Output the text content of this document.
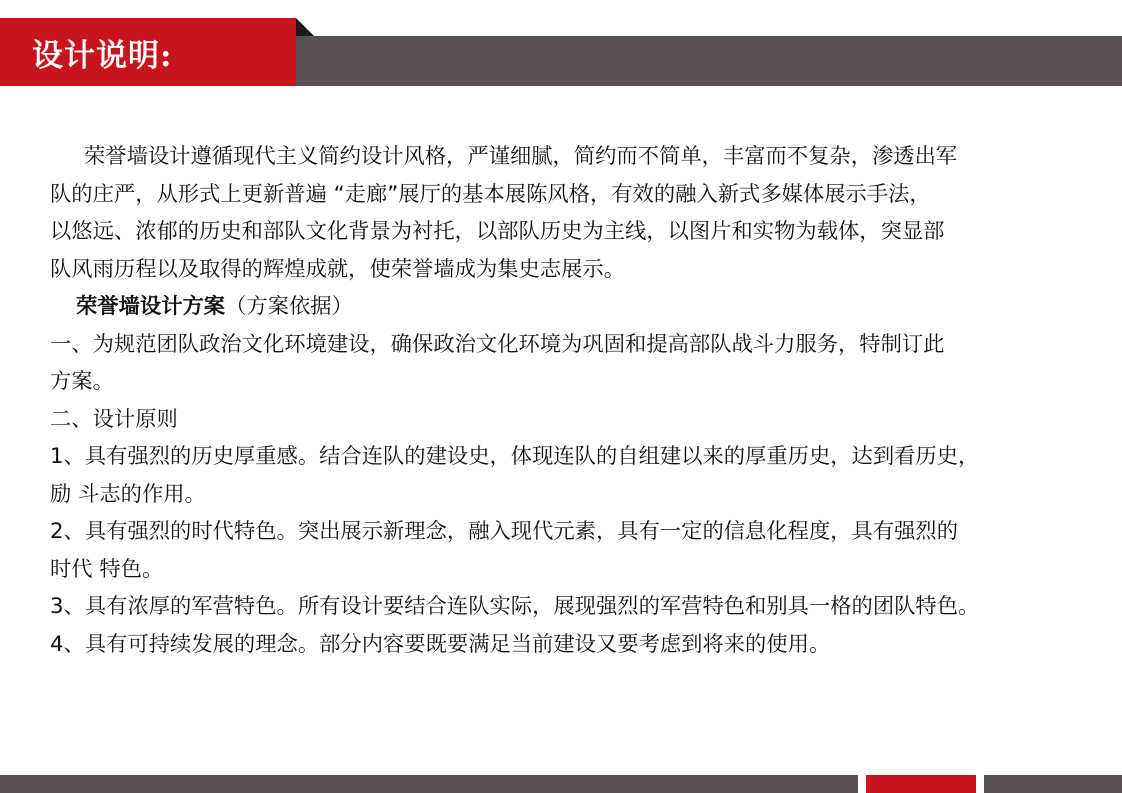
设计说明:

荣誉墙设计遵循现代主义简约设计风格，严谨细腻，简约而不简单，丰富而不复杂，渗透出军

队的庄严，从形式上更新普遍 “走廊”展厅的基本展陈风格，有效的融入新式多媒体展示手法，

以悠远、浓郁的历史和部队文化背景为衬托，以部队历史为主线，以图片和实物为载体，突显部

队风雨历程以及取得的辉煌成就，使荣誉墙成为集史志展示。

荣誉墙设计方案（方案依据）

一、为规范团队政治文化环境建设，确保政治文化环境为巩固和提高部队战斗力服务，特制订此

方案。

二、设计原则

1、具有强烈的历史厚重感。结合连队的建设史，体现连队的自组建以来的厚重历史，达到看历史，

励 斗志的作用。

2、具有强烈的时代特色。突出展示新理念，融入现代元素，具有一定的信息化程度，具有强烈的

时代 特色。

3、具有浓厚的军营特色。所有设计要结合连队实际，展现强烈的军营特色和别具一格的团队特色。

4、具有可持续发展的理念。部分内容要既要满足当前建设又要考虑到将来的使用。
